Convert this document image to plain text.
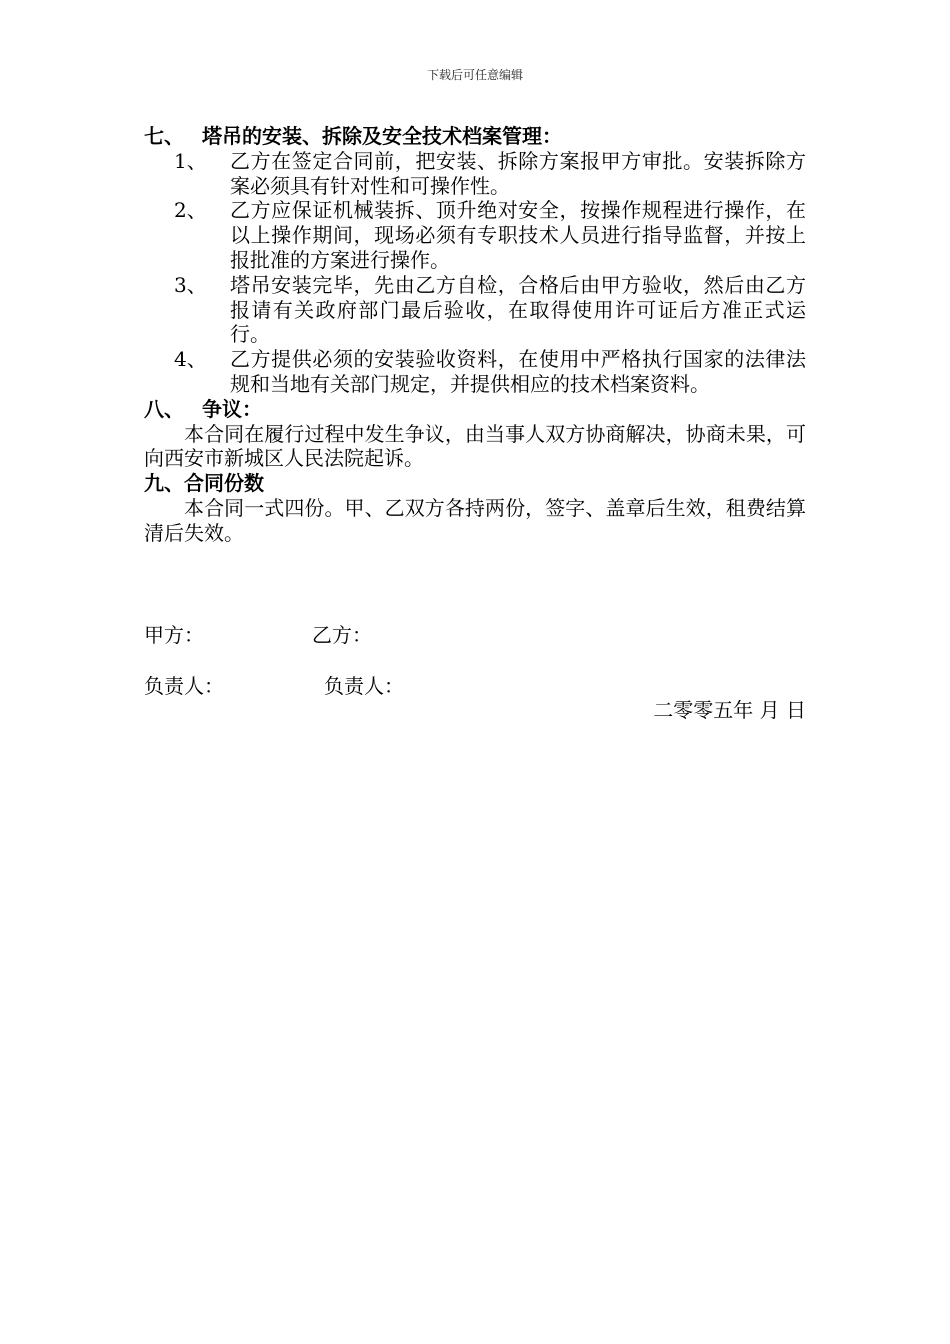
下载后可任意编辑
七、 塔吊的安装、拆除及安全技术档案管理：
1、	乙方在签定合同前，把安装、拆除方案报甲方审批。安装拆除方案必须具有针对性和可操作性。
2、	乙方应保证机械装拆、顶升绝对安全，按操作规程进行操作，在以上操作期间，现场必须有专职技术人员进行指导监督，并按上报批准的方案进行操作。
3、	塔吊安装完毕，先由乙方自检，合格后由甲方验收，然后由乙方报请有关政府部门最后验收，在取得使用许可证后方准正式运行。
4、	乙方提供必须的安装验收资料，在使用中严格执行国家的法律法规和当地有关部门规定，并提供相应的技术档案资料。
八、 争议：
本合同在履行过程中发生争议，由当事人双方协商解决，协商未果，可向西安市新城区人民法院起诉。
九、合同份数
本合同一式四份。甲、乙双方各持两份，签字、盖章后生效，租费结算清后失效。
甲方：	乙方：
负责人：	负责人：
二零零五年 月 日
